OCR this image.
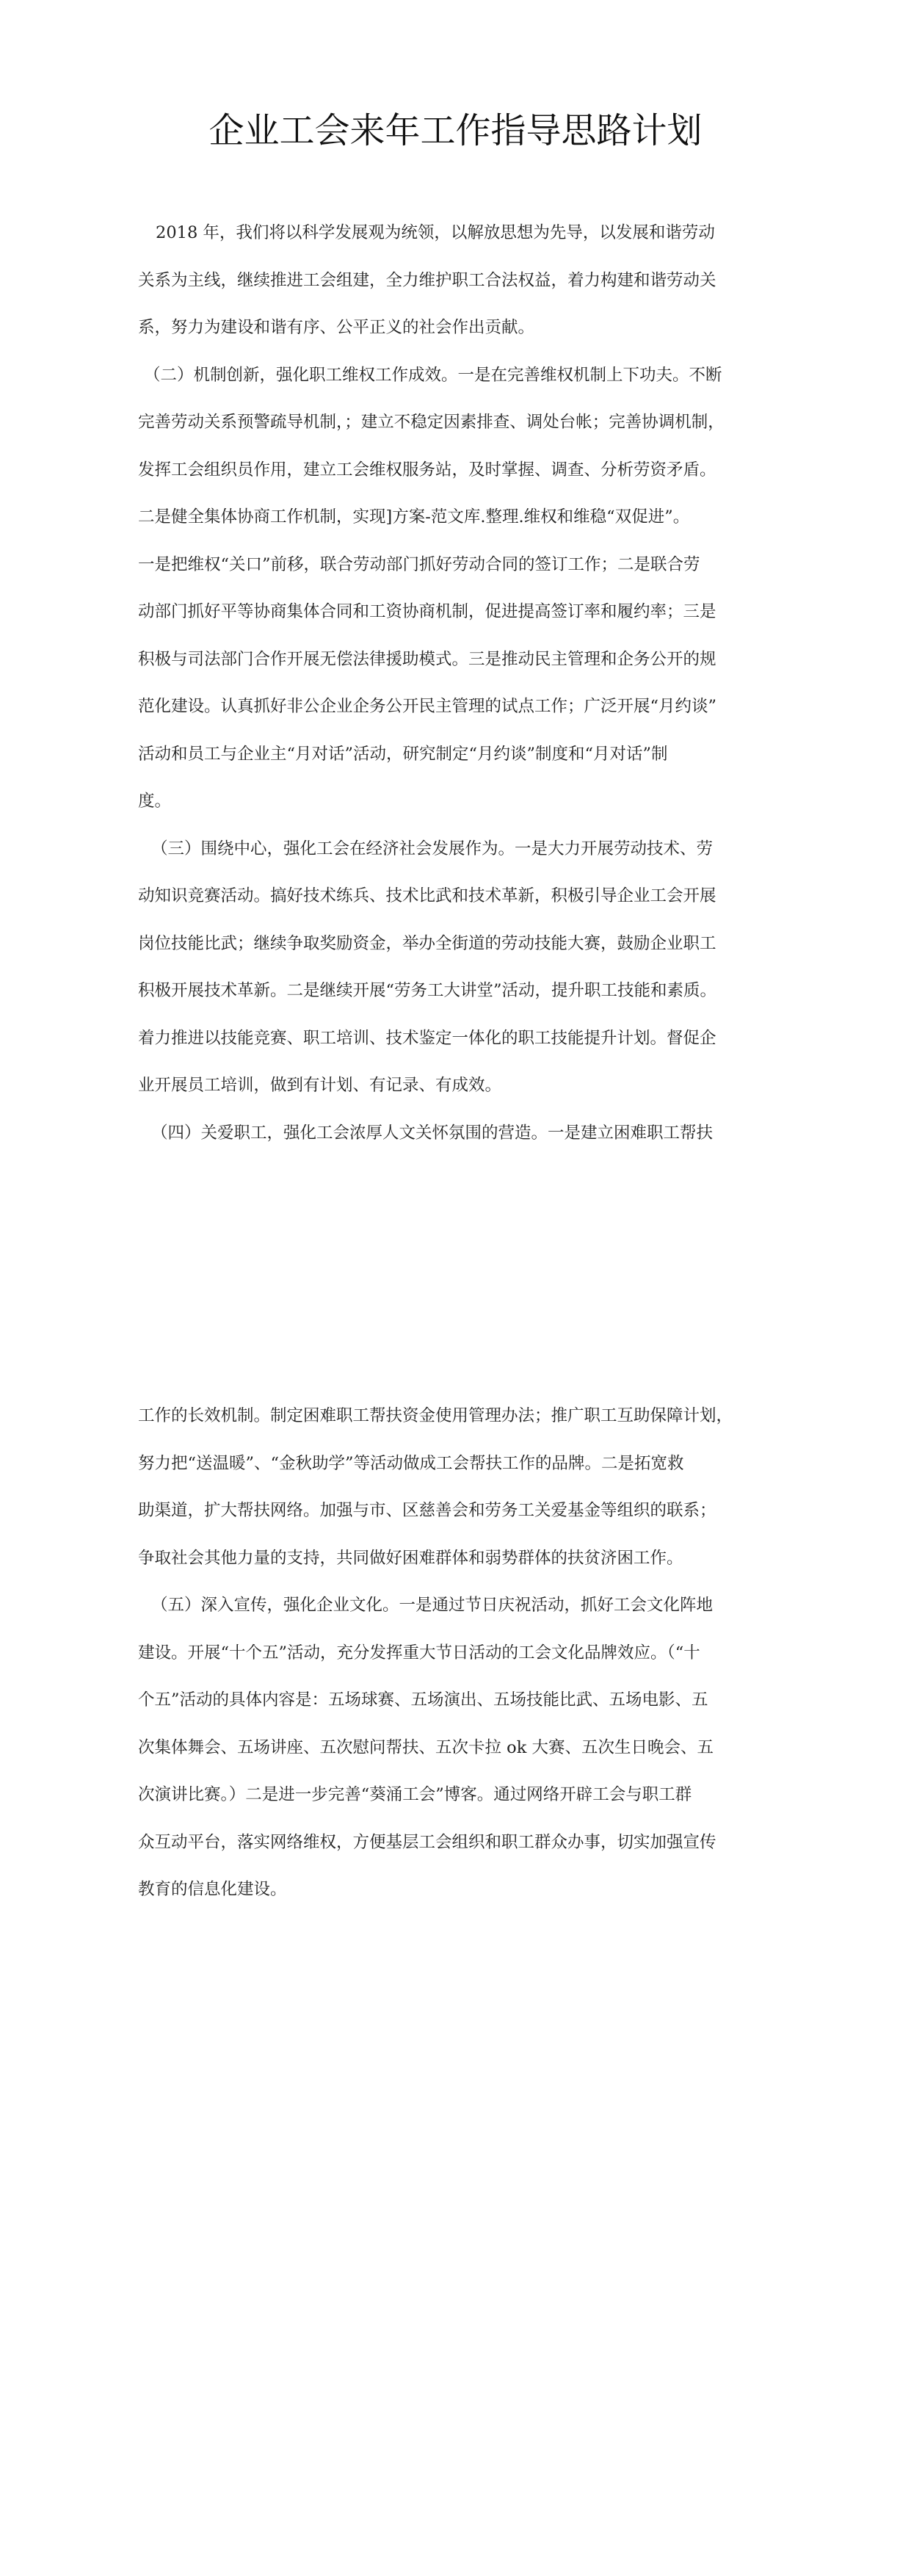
企业工会来年工作指导思路计划

2018 年，我们将以科学发展观为统领，以解放思想为先导，以发展和谐劳动

关系为主线，继续推进工会组建，全力维护职工合法权益，着力构建和谐劳动关

系，努力为建设和谐有序、公平正义的社会作出贡献。

（二）机制创新，强化职工维权工作成效。一是在完善维权机制上下功夫。不断

完善劳动关系预警疏导机制，；建立不稳定因素排查、调处台帐；完善协调机制，

发挥工会组织员作用，建立工会维权服务站，及时掌握、调查、分析劳资矛盾。

二是健全集体协商工作机制，实现]方案-范文库.整理.维权和维稳“双促进”。

一是把维权“关口”前移，联合劳动部门抓好劳动合同的签订工作；二是联合劳

动部门抓好平等协商集体合同和工资协商机制，促进提高签订率和履约率；三是

积极与司法部门合作开展无偿法律援助模式。三是推动民主管理和企务公开的规

范化建设。认真抓好非公企业企务公开民主管理的试点工作；广泛开展“月约谈”

活动和员工与企业主“月对话”活动，研究制定“月约谈”制度和“月对话”制

度。

（三）围绕中心，强化工会在经济社会发展作为。一是大力开展劳动技术、劳

动知识竞赛活动。搞好技术练兵、技术比武和技术革新，积极引导企业工会开展

岗位技能比武；继续争取奖励资金，举办全街道的劳动技能大赛，鼓励企业职工

积极开展技术革新。二是继续开展“劳务工大讲堂”活动，提升职工技能和素质。

着力推进以技能竞赛、职工培训、技术鉴定一体化的职工技能提升计划。督促企

业开展员工培训，做到有计划、有记录、有成效。

（四）关爱职工，强化工会浓厚人文关怀氛围的营造。一是建立困难职工帮扶

工作的长效机制。制定困难职工帮扶资金使用管理办法；推广职工互助保障计划，

努力把“送温暖”、“金秋助学”等活动做成工会帮扶工作的品牌。二是拓宽救

助渠道，扩大帮扶网络。加强与市、区慈善会和劳务工关爱基金等组织的联系；

争取社会其他力量的支持，共同做好困难群体和弱势群体的扶贫济困工作。

（五）深入宣传，强化企业文化。一是通过节日庆祝活动，抓好工会文化阵地

建设。开展“十个五”活动，充分发挥重大节日活动的工会文化品牌效应。（“十

个五”活动的具体内容是：五场球赛、五场演出、五场技能比武、五场电影、五

次集体舞会、五场讲座、五次慰问帮扶、五次卡拉 ok 大赛、五次生日晚会、五

次演讲比赛。）二是进一步完善“葵涌工会”博客。通过网络开辟工会与职工群

众互动平台，落实网络维权，方便基层工会组织和职工群众办事，切实加强宣传

教育的信息化建设。
